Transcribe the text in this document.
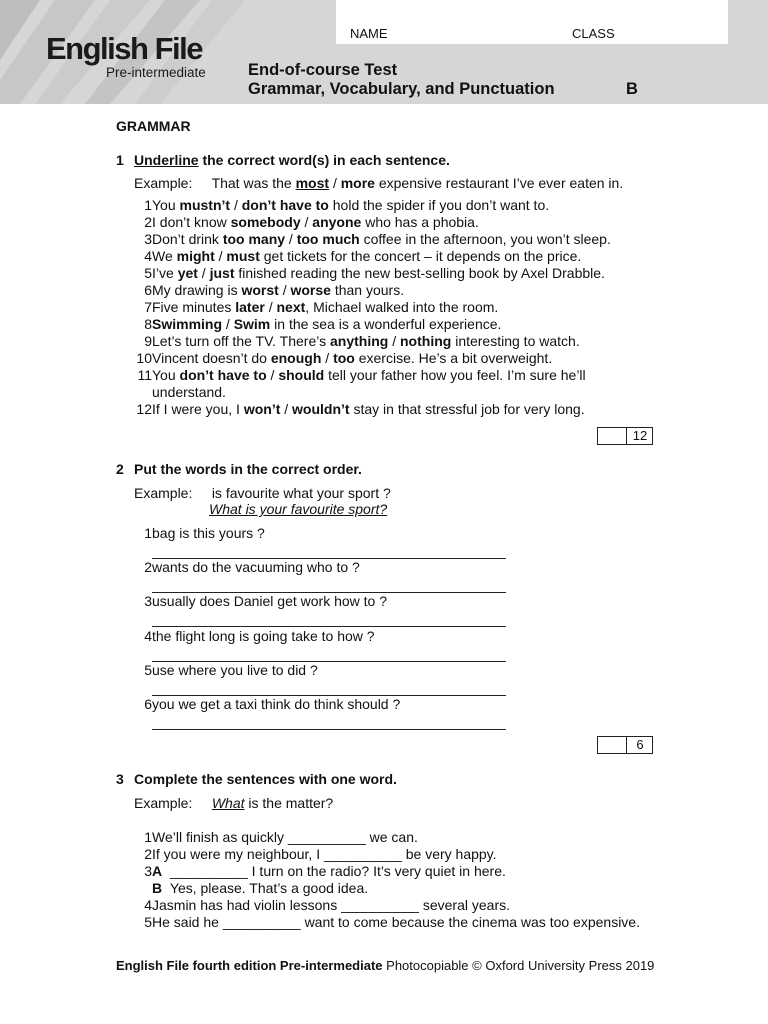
English File
Pre-intermediate
NAME	CLASS
End-of-course Test
Grammar, Vocabulary, and Punctuation	B
GRAMMAR
1 Underline the correct word(s) in each sentence.
Example: That was the most / more expensive restaurant I’ve ever eaten in.
1 You mustn’t / don’t have to hold the spider if you don’t want to.
2 I don’t know somebody / anyone who has a phobia.
3 Don’t drink too many / too much coffee in the afternoon, you won’t sleep.
4 We might / must get tickets for the concert – it depends on the price.
5 I’ve yet / just finished reading the new best-selling book by Axel Drabble.
6 My drawing is worst / worse than yours.
7 Five minutes later / next, Michael walked into the room.
8 Swimming / Swim in the sea is a wonderful experience.
9 Let’s turn off the TV. There’s anything / nothing interesting to watch.
10 Vincent doesn’t do enough / too exercise. He’s a bit overweight.
11 You don’t have to / should tell your father how you feel. I’m sure he’ll
understand.
12 If I were you, I won’t / wouldn’t stay in that stressful job for very long.
12
2 Put the words in the correct order.
Example: is favourite what your sport ?
What is your favourite sport?
1 bag is this yours ?
2 wants do the vacuuming who to ?
3 usually does Daniel get work how to ?
4 the flight long is going take to how ?
5 use where you live to did ?
6 you we get a taxi think do think should ?
6
3 Complete the sentences with one word.
Example: What is the matter?
1 We’ll finish as quickly __________ we can.
2 If you were my neighbour, I __________ be very happy.
3 A __________ I turn on the radio? It’s very quiet in here.
B Yes, please. That’s a good idea.
4 Jasmin has had violin lessons __________ several years.
5 He said he __________ want to come because the cinema was too expensive.
English File fourth edition Pre-intermediate Photocopiable © Oxford University Press 2019
